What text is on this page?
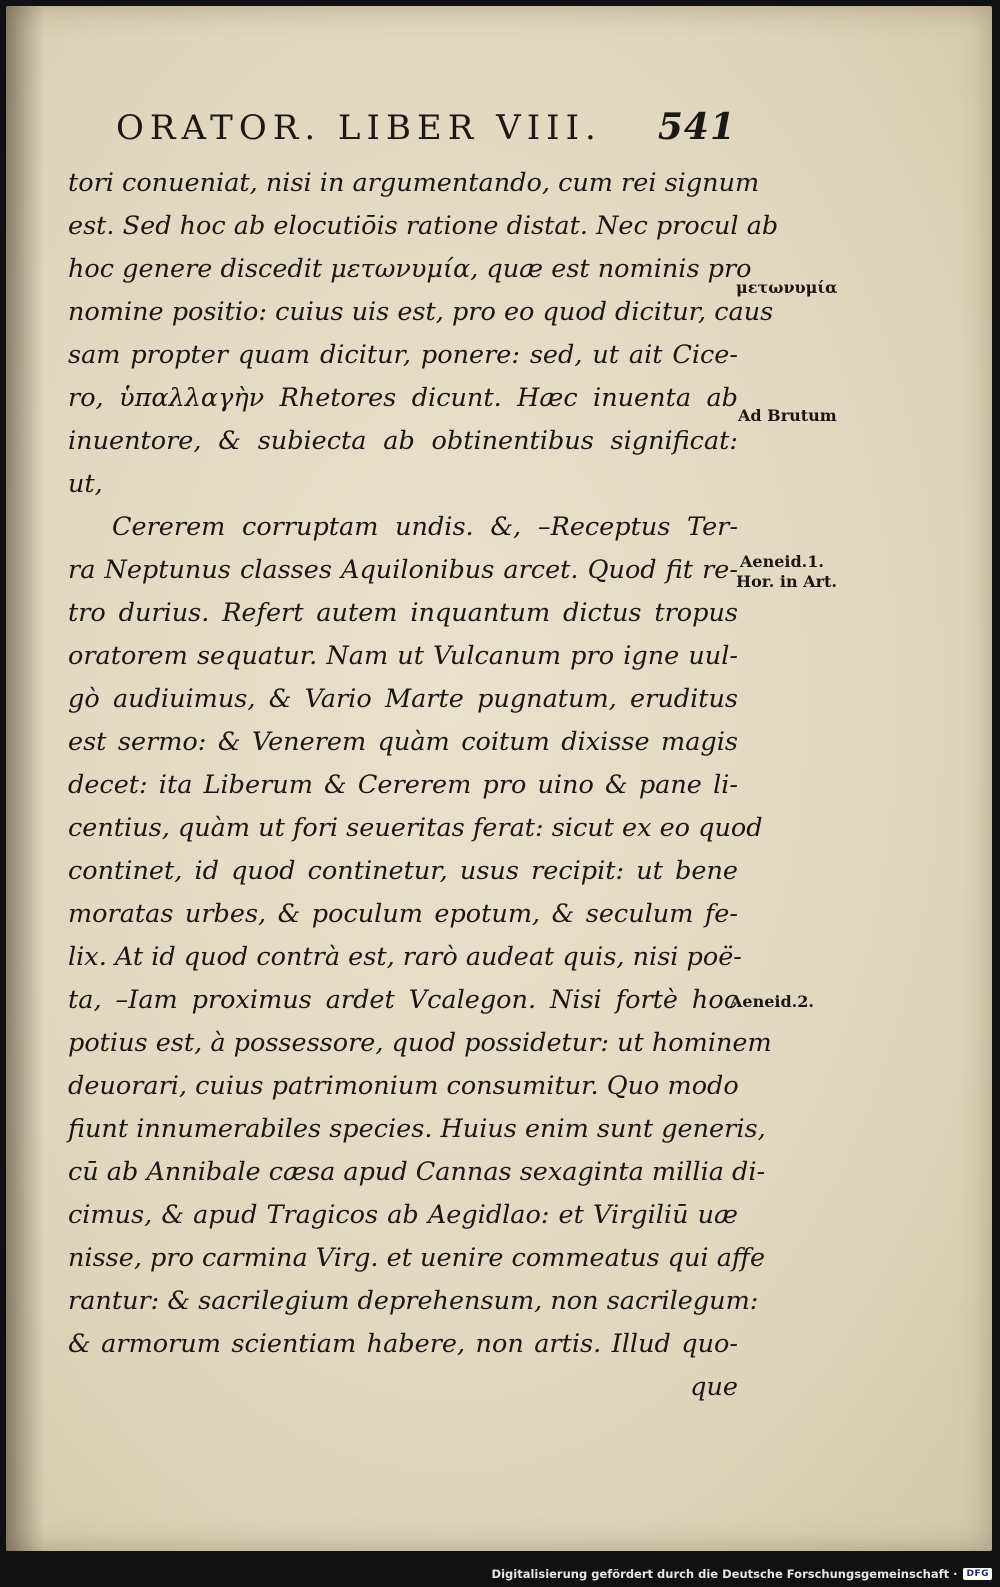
ORATOR. LIBER VIII. 541
tori conueniat, nisi in argumentando, cum rei signum
est. Sed hoc ab elocutiōis ratione distat. Nec procul ab
hoc genere discedit μετωνυμία, quæ est nominis pro
nomine positio: cuius uis est, pro eo quod dicitur, caus
sam propter quam dicitur, ponere: sed, ut ait Cice-
ro, ὑπαλλαγὴν Rhetores dicunt. Hæc inuenta ab
inuentore, & subiecta ab obtinentibus significat:
ut,
Cererem corruptam undis. &, –Receptus Ter-
ra Neptunus classes Aquilonibus arcet. Quod fit re-
tro durius. Refert autem inquantum dictus tropus
oratorem sequatur. Nam ut Vulcanum pro igne uul-
gò audiuimus, & Vario Marte pugnatum, eruditus
est sermo: & Venerem quàm coitum dixisse magis
decet: ita Liberum & Cererem pro uino & pane li-
centius, quàm ut fori seueritas ferat: sicut ex eo quod
continet, id quod continetur, usus recipit: ut bene
moratas urbes, & poculum epotum, & seculum fe-
lix. At id quod contrà est, rarò audeat quis, nisi poë-
ta, –Iam proximus ardet Vcalegon. Nisi fortè hoc
potius est, à possessore, quod possidetur: ut hominem
deuorari, cuius patrimonium consumitur. Quo modo
fiunt innumerabiles species. Huius enim sunt generis,
cū ab Annibale cæsa apud Cannas sexaginta millia di-
cimus, & apud Tragicos ab Aegidlao: et Virgiliū uæ
nisse, pro carmina Virg. et uenire commeatus qui affe
rantur: & sacrilegium deprehensum, non sacrilegum:
& armorum scientiam habere, non artis. Illud quo-
que
μετωνυμία
Ad Brutum
Aeneid.1.
Hor. in Art.
Aeneid.2.
Digitalisierung gefördert durch die Deutsche Forschungsgemeinschaft ·	DFG
